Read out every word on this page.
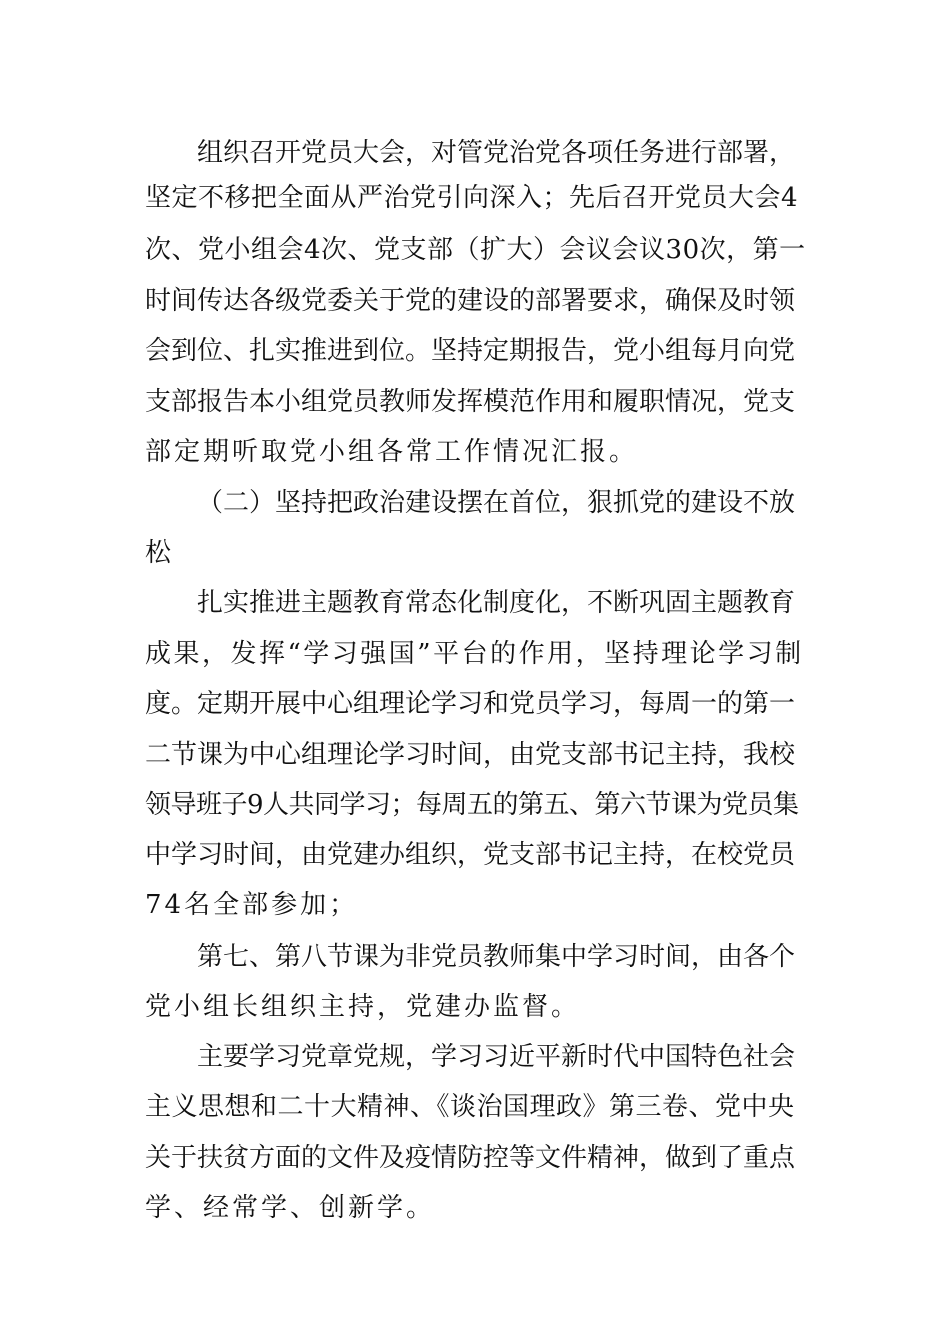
组织召开党员大会，对管党治党各项任务进行部署，
坚定不移把全面从严治党引向深入；先后召开党员大会4
次、党小组会4次、党支部（扩大）会议会议30次，第一
时间传达各级党委关于党的建设的部署要求，确保及时领
会到位、扎实推进到位。坚持定期报告，党小组每月向党
支部报告本小组党员教师发挥模范作用和履职情况，党支
部定期听取党小组各常工作情况汇报。
（二）坚持把政治建设摆在首位，狠抓党的建设不放
松
扎实推进主题教育常态化制度化，不断巩固主题教育
成果，发挥“学习强国”平台的作用，坚持理论学习制
度。定期开展中心组理论学习和党员学习，每周一的第一
二节课为中心组理论学习时间，由党支部书记主持，我校
领导班子9人共同学习；每周五的第五、第六节课为党员集
中学习时间，由党建办组织，党支部书记主持，在校党员
74名全部参加；
第七、第八节课为非党员教师集中学习时间，由各个
党小组长组织主持，党建办监督。
主要学习党章党规，学习习近平新时代中国特色社会
主义思想和二十大精神、《谈治国理政》第三卷、党中央
关于扶贫方面的文件及疫情防控等文件精神，做到了重点
学、经常学、创新学。
